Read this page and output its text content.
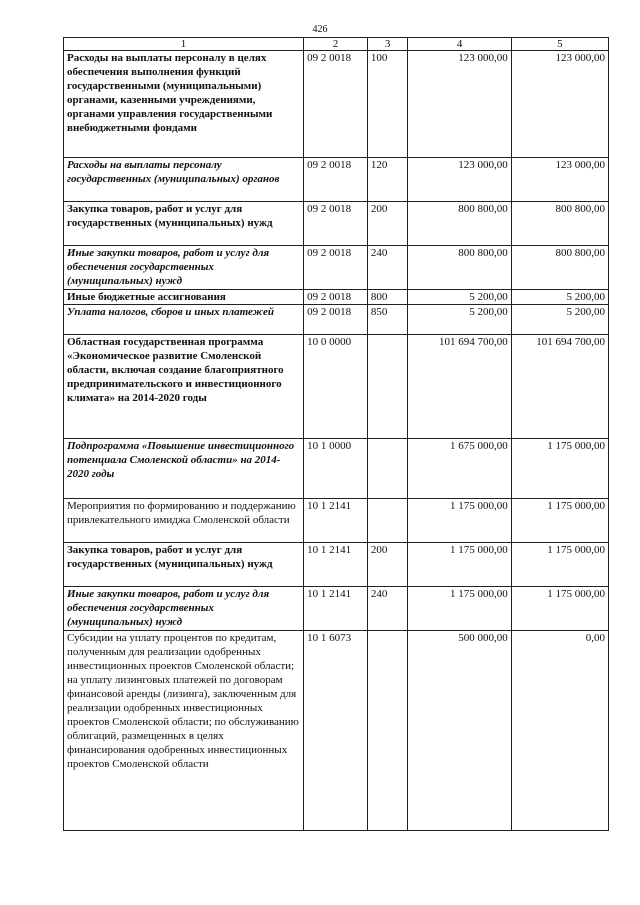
426
1	2	3	4	5
Расходы на выплаты персоналу в целях обеспечения выполнения функций государственными (муниципальными) органами, казенными учреждениями, органами управления государственными внебюджетными фондами	09 2 0018	100	123 000,00	123 000,00
Расходы на выплаты персоналу государственных (муниципальных) органов	09 2 0018	120	123 000,00	123 000,00
Закупка товаров, работ и услуг для государственных (муниципальных) нужд	09 2 0018	200	800 800,00	800 800,00
Иные закупки товаров, работ и услуг для обеспечения государственных (муниципальных) нужд	09 2 0018	240	800 800,00	800 800,00
Иные бюджетные ассигнования	09 2 0018	800	5 200,00	5 200,00
Уплата налогов, сборов и иных платежей	09 2 0018	850	5 200,00	5 200,00
Областная государственная программа «Экономическое развитие Смоленской области, включая создание благоприятного предпринимательского и инвестиционного климата» на 2014-2020 годы	10 0 0000		101 694 700,00	101 694 700,00
Подпрограмма «Повышение инвестиционного потенциала Смоленской области» на 2014-2020 годы	10 1 0000		1 675 000,00	1 175 000,00
Мероприятия по формированию и поддержанию привлекательного имиджа Смоленской области	10 1 2141		1 175 000,00	1 175 000,00
Закупка товаров, работ и услуг для государственных (муниципальных) нужд	10 1 2141	200	1 175 000,00	1 175 000,00
Иные закупки товаров, работ и услуг для обеспечения государственных (муниципальных) нужд	10 1 2141	240	1 175 000,00	1 175 000,00
Субсидии на уплату процентов по кредитам, полученным для реализации одобренных инвестиционных проектов Смоленской области; на уплату лизинговых платежей по договорам финансовой аренды (лизинга), заключенным для реализации одобренных инвестиционных проектов Смоленской области; по обслуживанию облигаций, размещенных в целях финансирования одобренных инвестиционных проектов Смоленской области	10 1 6073		500 000,00	0,00
